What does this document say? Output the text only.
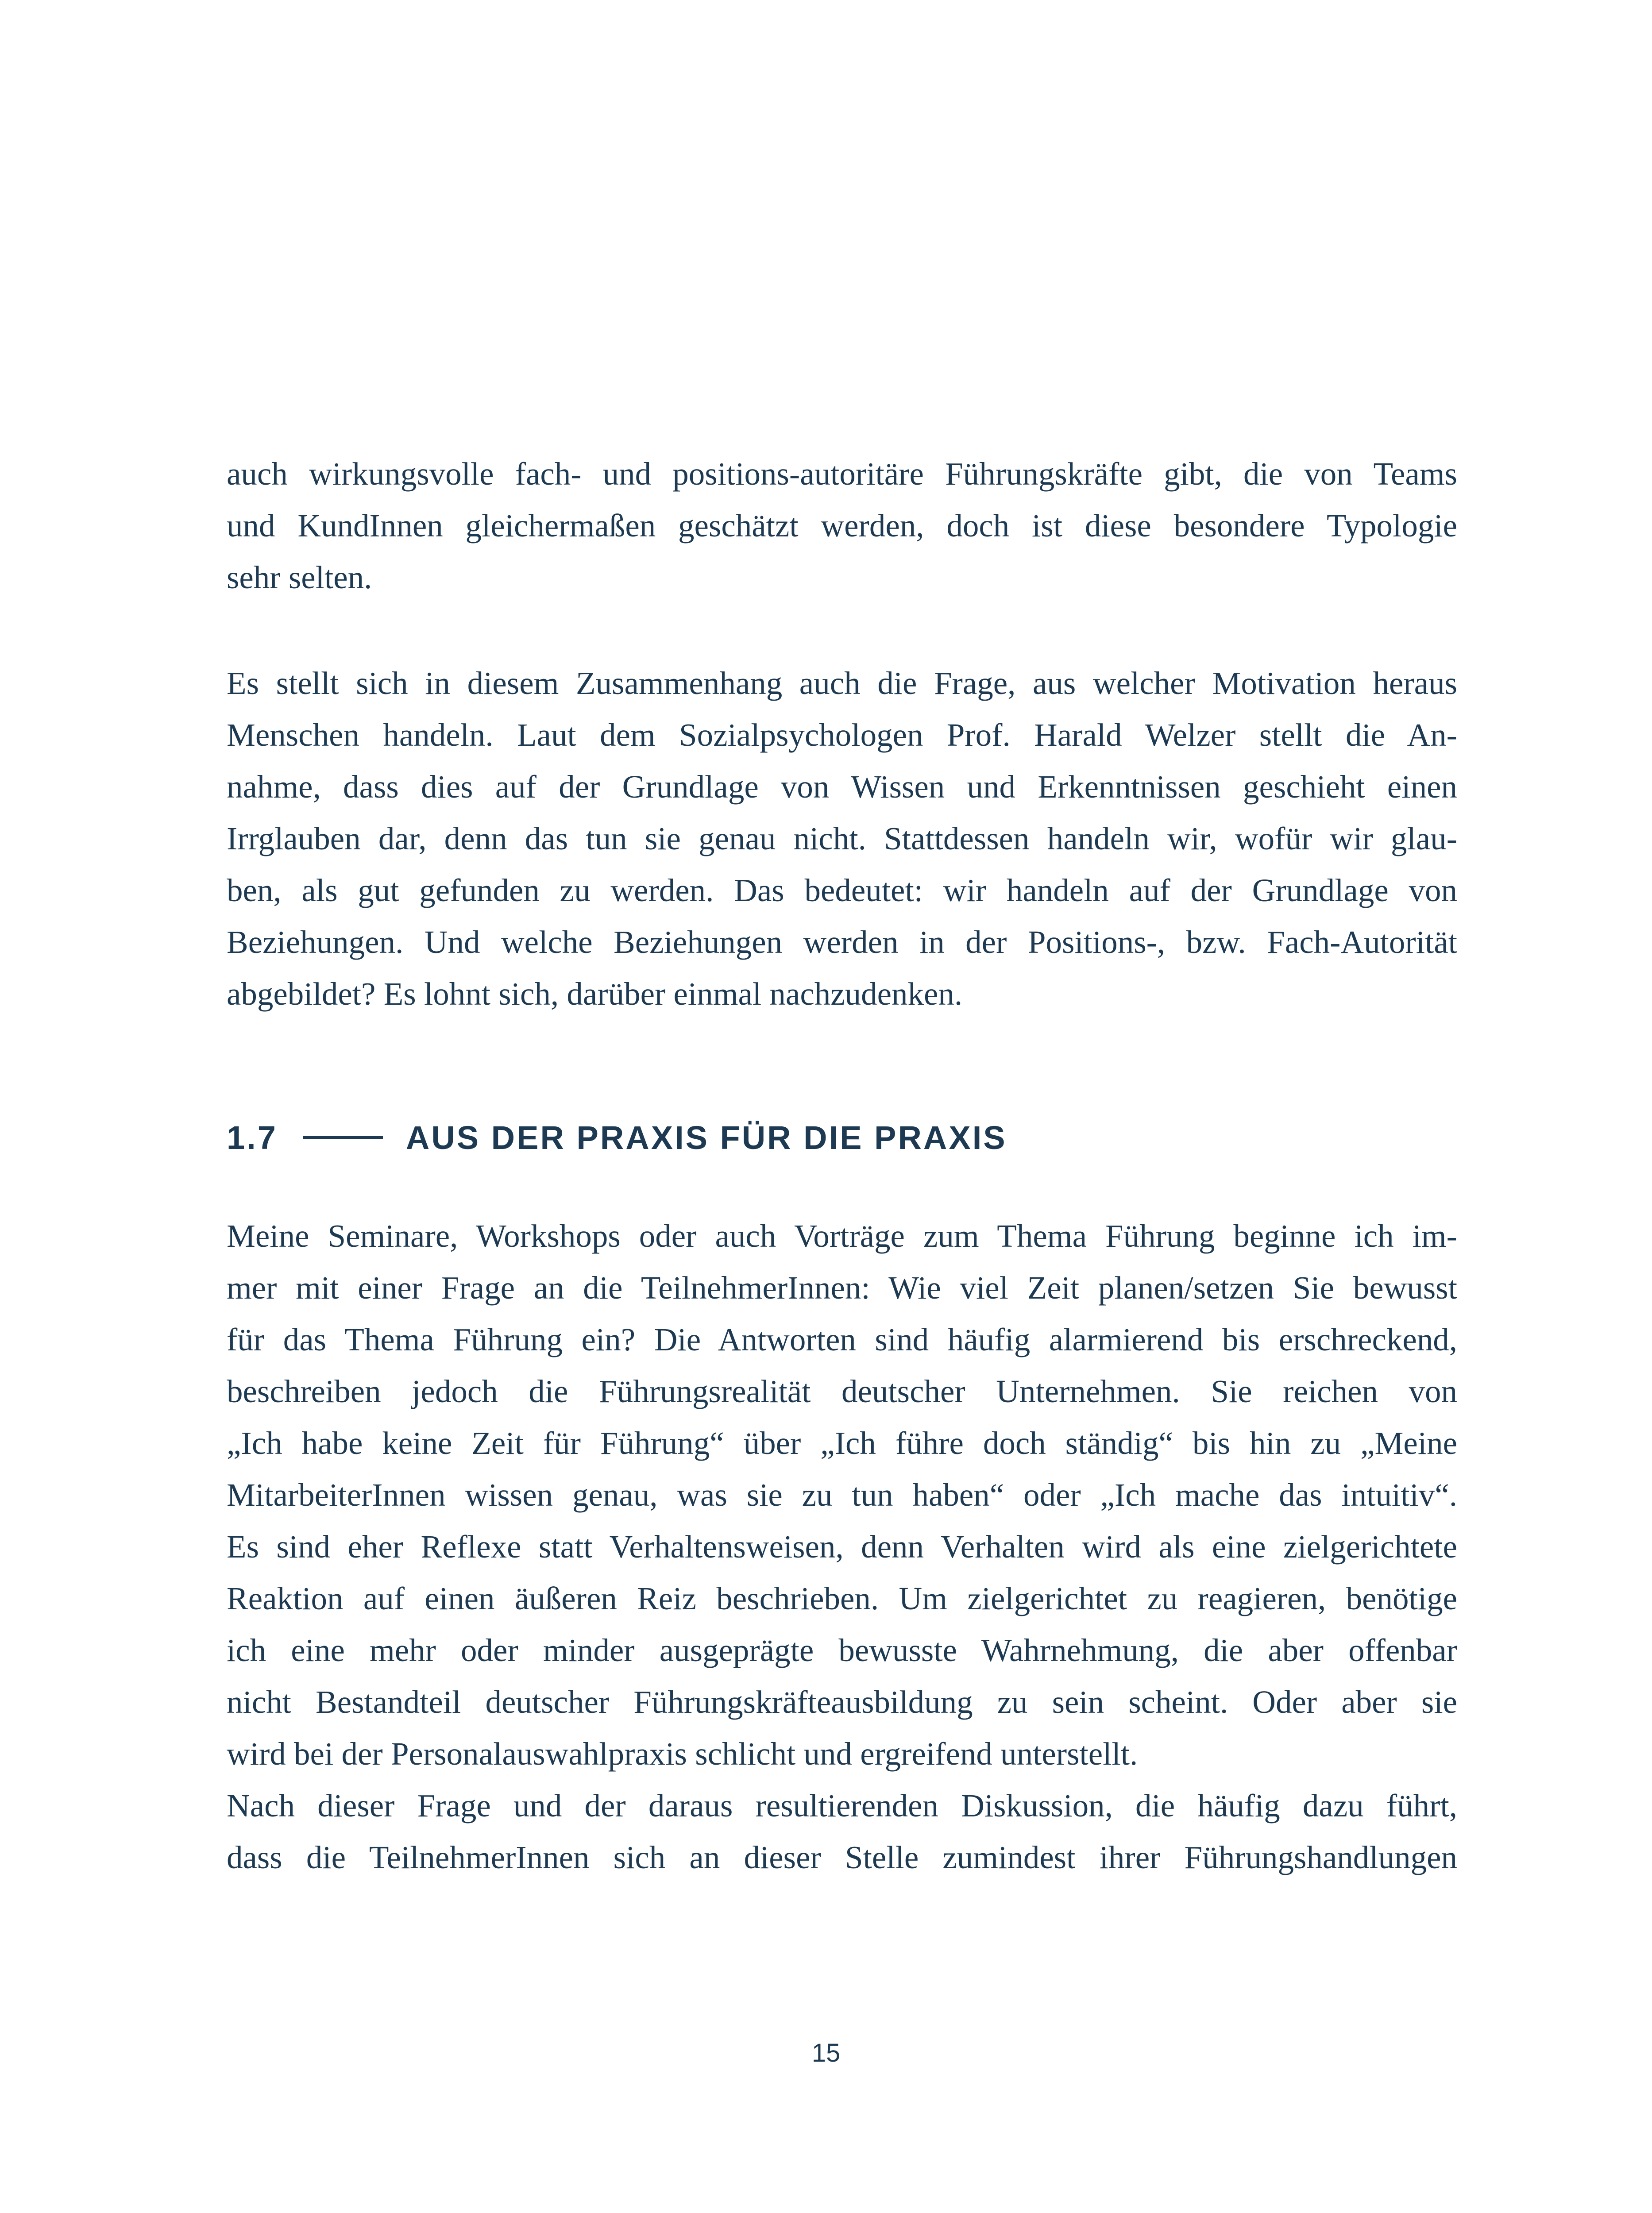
auch wirkungsvolle fach- und positions-autoritäre Führungskräfte gibt, die von Teams
und KundInnen gleichermaßen geschätzt werden, doch ist diese besondere Typologie
sehr selten.
Es stellt sich in diesem Zusammenhang auch die Frage, aus welcher Motivation heraus
Menschen handeln. Laut dem Sozialpsychologen Prof. Harald Welzer stellt die An-
nahme, dass dies auf der Grundlage von Wissen und Erkenntnissen geschieht einen
Irrglauben dar, denn das tun sie genau nicht. Stattdessen handeln wir, wofür wir glau-
ben, als gut gefunden zu werden. Das bedeutet: wir handeln auf der Grundlage von
Beziehungen. Und welche Beziehungen werden in der Positions-, bzw. Fach-Autorität
abgebildet? Es lohnt sich, darüber einmal nachzudenken.
1.7	AUS DER PRAXIS FÜR DIE PRAXIS
Meine Seminare, Workshops oder auch Vorträge zum Thema Führung beginne ich im-
mer mit einer Frage an die TeilnehmerInnen: Wie viel Zeit planen/setzen Sie bewusst
für das Thema Führung ein? Die Antworten sind häufig alarmierend bis erschreckend,
beschreiben jedoch die Führungsrealität deutscher Unternehmen. Sie reichen von
„Ich habe keine Zeit für Führung“ über „Ich führe doch ständig“ bis hin zu „Meine
MitarbeiterInnen wissen genau, was sie zu tun haben“ oder „Ich mache das intuitiv“.
Es sind eher Reflexe statt Verhaltensweisen, denn Verhalten wird als eine zielgerichtete
Reaktion auf einen äußeren Reiz beschrieben. Um zielgerichtet zu reagieren, benötige
ich eine mehr oder minder ausgeprägte bewusste Wahrnehmung, die aber offenbar
nicht Bestandteil deutscher Führungskräfteausbildung zu sein scheint. Oder aber sie
wird bei der Personalauswahlpraxis schlicht und ergreifend unterstellt.
Nach dieser Frage und der daraus resultierenden Diskussion, die häufig dazu führt,
dass die TeilnehmerInnen sich an dieser Stelle zumindest ihrer Führungshandlungen
15
